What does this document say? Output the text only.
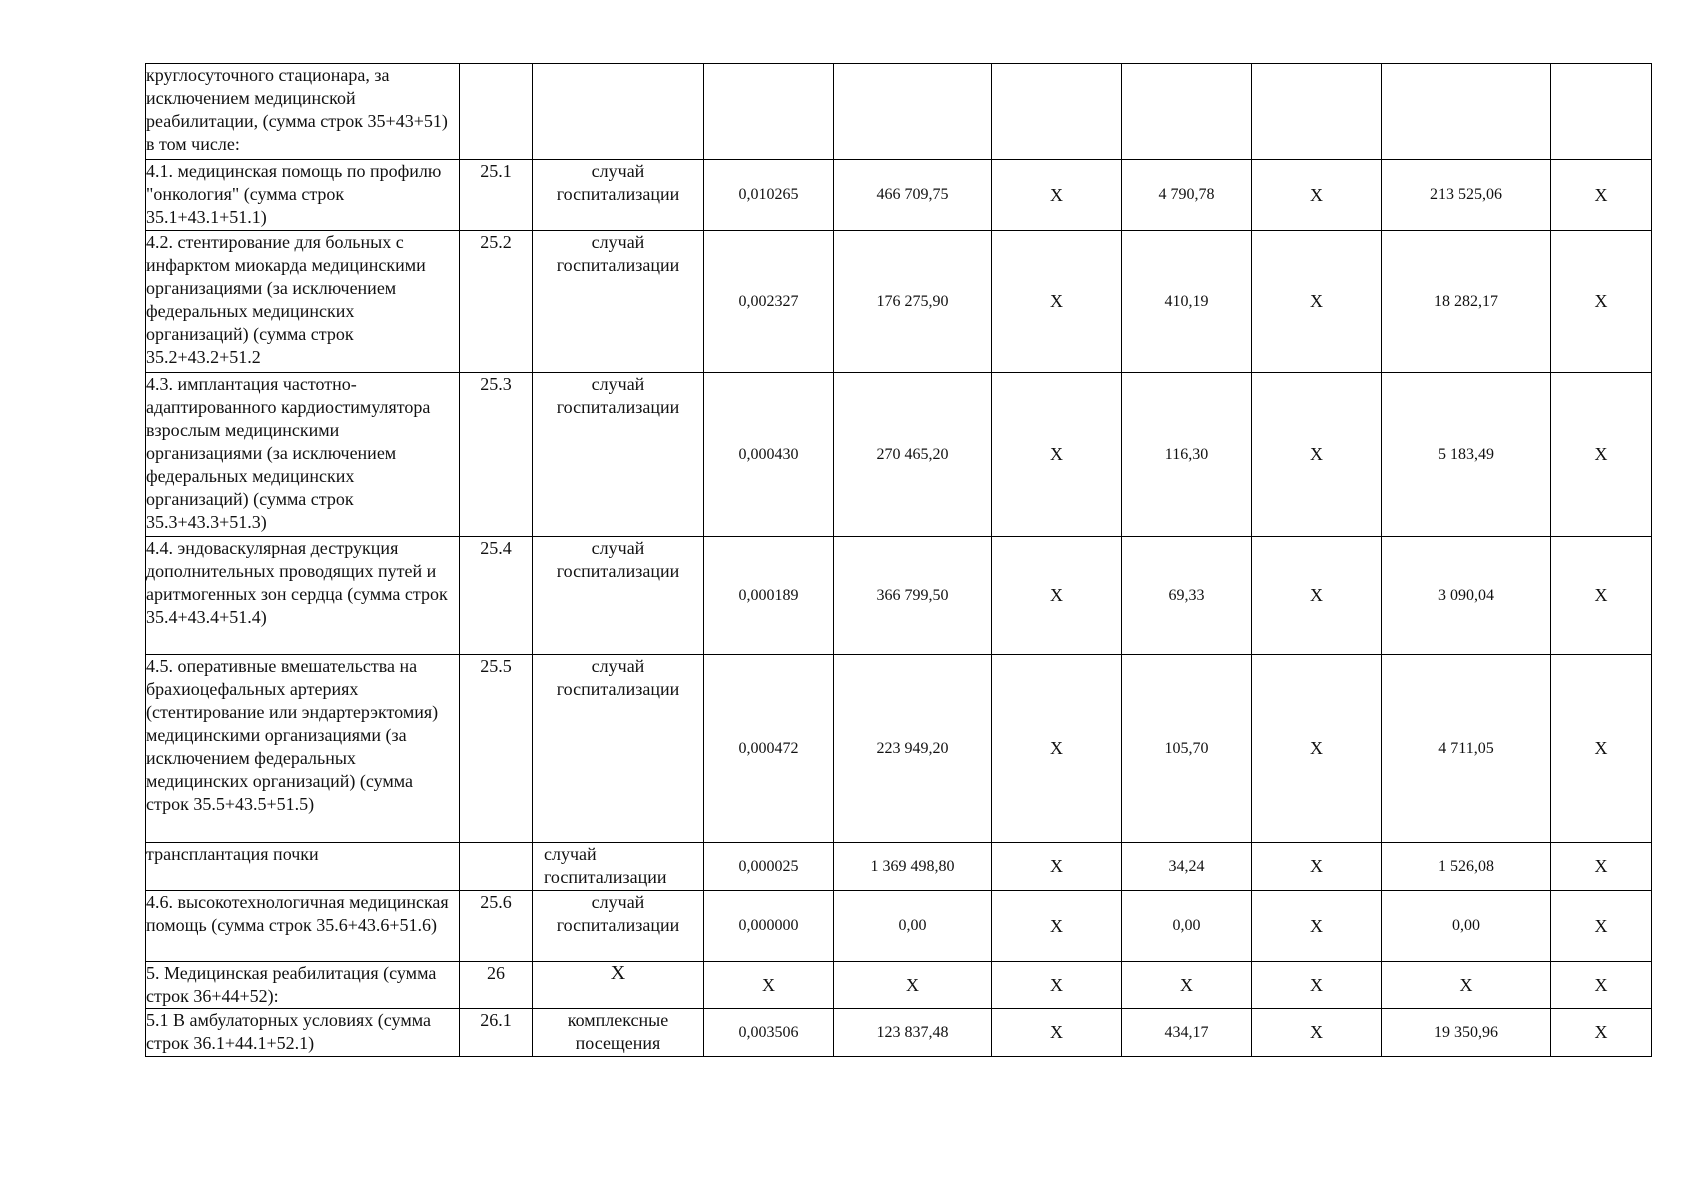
круглосуточного стационара, за исключением медицинской реабилитации, (сумма строк 35+43+51) в том числе:									
4.1. медицинская помощь по профилю "онкология" (сумма строк 35.1+43.1+51.1)	25.1	случай госпитализации	0,010265	466 709,75	X	4 790,78	X	213 525,06	X
4.2. стентирование для больных с инфарктом миокарда медицинскими организациями (за исключением федеральных медицинских организаций) (сумма строк 35.2+43.2+51.2	25.2	случай госпитализации	0,002327	176 275,90	X	410,19	X	18 282,17	X
4.3. имплантация частотно-адаптированного кардиостимулятора взрослым медицинскими организациями (за исключением федеральных медицинских организаций) (сумма строк 35.3+43.3+51.3)	25.3	случай госпитализации	0,000430	270 465,20	X	116,30	X	5 183,49	X
4.4. эндоваскулярная деструкция дополнительных проводящих путей и аритмогенных зон сердца (сумма строк 35.4+43.4+51.4)	25.4	случай госпитализации	0,000189	366 799,50	X	69,33	X	3 090,04	X
4.5. оперативные вмешательства на брахиоцефальных артериях (стентирование или эндартерэктомия) медицинскими организациями (за исключением федеральных медицинских организаций) (сумма строк 35.5+43.5+51.5)	25.5	случай госпитализации	0,000472	223 949,20	X	105,70	X	4 711,05	X
трансплантация почки		случай госпитализации	0,000025	1 369 498,80	X	34,24	X	1 526,08	X
4.6. высокотехнологичная медицинская помощь (сумма строк 35.6+43.6+51.6)	25.6	случай госпитализации	0,000000	0,00	X	0,00	X	0,00	X
5. Медицинская реабилитация (сумма строк 36+44+52):	26	X	X	X	X	X	X	X	X
5.1 В амбулаторных условиях (сумма строк 36.1+44.1+52.1)	26.1	комплексные посещения	0,003506	123 837,48	X	434,17	X	19 350,96	X
